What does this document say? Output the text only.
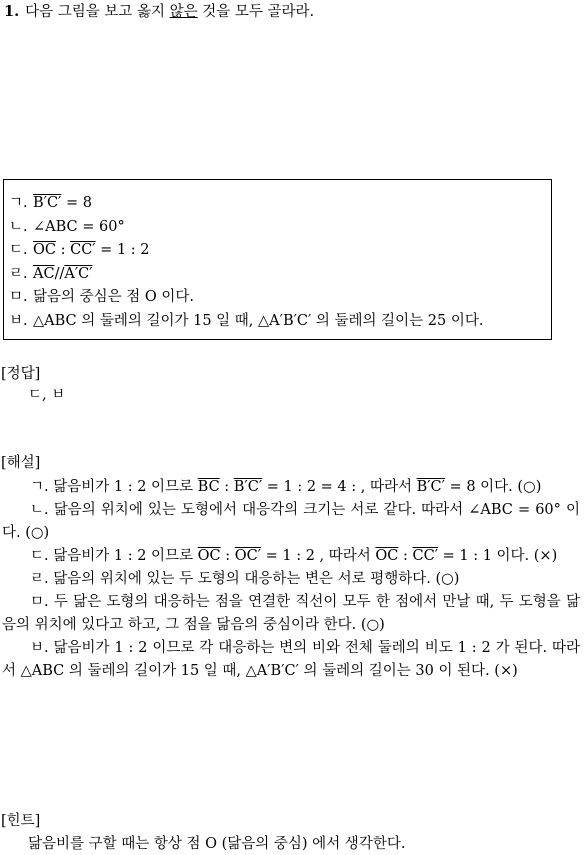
1. 다음 그림을 보고 옳지 않은 것을 모두 골라라.
ㄱ. B′C′ = 8
ㄴ. ∠ABC = 60°
ㄷ. $\overline{OC}$ : CC′ = 1 : 2
ㄹ. $\overline{AC}//A'C'$
ㅁ. 닮음의 중심은 점 O 이다.
ㅂ. △ABC 의 둘레의 길이가 15 일 때, △A′B′C′ 의 둘레의 길이는 25 이다.
[정답]
ㄷ, ㅂ
[해설]

ㄱ. 닮음비가 1 : 2 이므로 $\overline{BC}$ : B′C′ = 1 : 2 = 4 : , 따라서 B′C′ = 8 이다. (○)

ㄴ. 닮음의 위치에 있는 도형에서 대응각의 크기는 서로 같다. 따라서 ∠ABC = 60° 이다. (○)

ㄷ. 닮음비가 1 : 2 이므로 $\overline{OC}$ : OC′ = 1 : 2 , 따라서 $\overline{OC}$ : CC′ = 1 : 1 이다. (×)

ㄹ. 닮음의 위치에 있는 두 도형의 대응하는 변은 서로 평행하다. (○)

ㅁ. 두 닮은 도형의 대응하는 점을 연결한 직선이 모두 한 점에서 만날 때, 두 도형을 닮음의 위치에 있다고 하고, 그 점을 닮음의 중심이라 한다. (○)

ㅂ. 닮음비가 1 : 2 이므로 각 대응하는 변의 비와 전체 둘레의 비도 1 : 2 가 된다. 따라서 △ABC 의 둘레의 길이가 15 일 때, △A′B′C′ 의 둘레의 길이는 30 이 된다. (×)

[힌트]
닮음비를 구할 때는 항상 점 O (닮음의 중심) 에서 생각한다.
